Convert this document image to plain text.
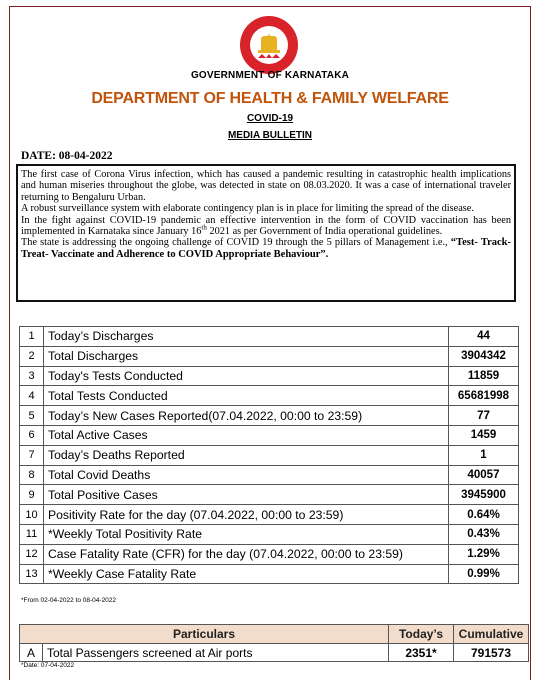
GOVERNMENT OF KARNATAKA
DEPARTMENT OF HEALTH & FAMILY WELFARE
COVID-19
MEDIA BULLETIN
DATE: 08-04-2022

The first case of Corona Virus infection, which has caused a pandemic resulting in catastrophic health implications and human miseries throughout the globe, was detected in state on 08.03.2020. It was a case of international traveler returning to Bengaluru Urban.

A robust surveillance system with elaborate contingency plan is in place for limiting the spread of the disease.

In the fight against COVID-19 pandemic an effective intervention in the form of COVID vaccination has been implemented in Karnataka since January 16th 2021 as per Government of India operational guidelines.

The state is addressing the ongoing challenge of COVID 19 through the 5 pillars of Management i.e., “Test- Track- Treat- Vaccinate and Adherence to COVID Appropriate Behaviour”.

1	Today’s Discharges	44
2	Total Discharges	3904342
3	Today's Tests Conducted	11859
4	Total Tests Conducted	65681998
5	Today’s New Cases Reported(07.04.2022, 00:00 to 23:59)	77
6	Total Active Cases	1459
7	Today’s Deaths Reported	1
8	Total Covid Deaths	40057
9	Total Positive Cases	3945900
10	Positivity Rate for the day (07.04.2022, 00:00 to 23:59)	0.64%
11	*Weekly Total Positivity Rate	0.43%
12	Case Fatality Rate (CFR) for the day (07.04.2022, 00:00 to 23:59)	1.29%
13	*Weekly Case Fatality Rate	0.99%
*From 02-04-2022 to 08-04-2022
Particulars		Today’s	Cumulative
A	Total Passengers screened at Air ports	2351*	791573
*Date: 07-04-2022
